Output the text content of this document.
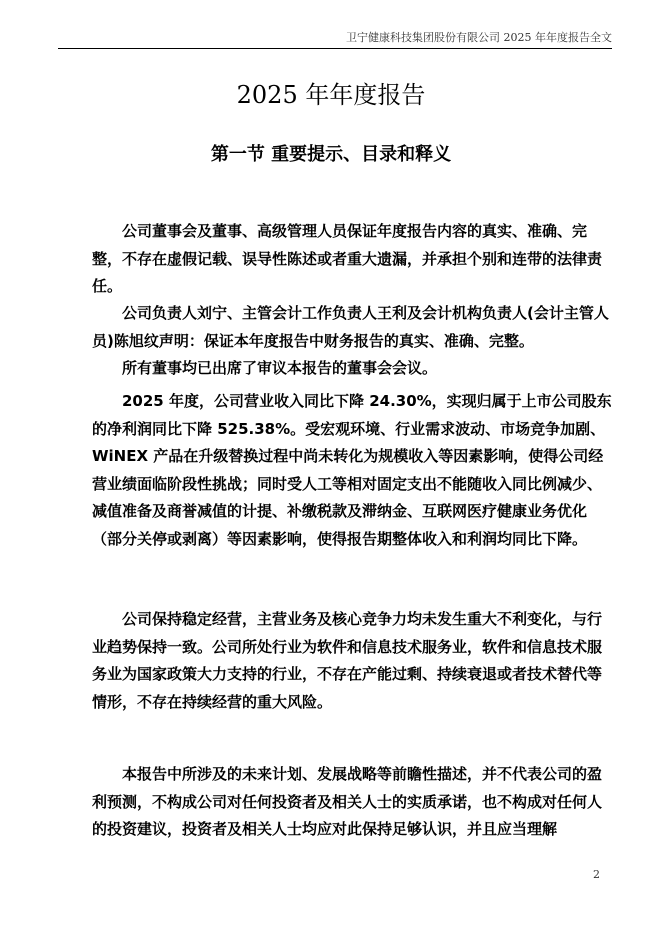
卫宁健康科技集团股份有限公司 2025 年年度报告全文
2025 年年度报告
第一节 重要提示、目录和释义

公司董事会及董事、高级管理人员保证年度报告内容的真实、准确、完整，不存在虚假记载、误导性陈述或者重大遗漏，并承担个别和连带的法律责任。

公司负责人刘宁、主管会计工作负责人王利及会计机构负责人(会计主管人员)陈旭纹声明：保证本年度报告中财务报告的真实、准确、完整。

所有董事均已出席了审议本报告的董事会会议。

2025 年度，公司营业收入同比下降 24.30%，实现归属于上市公司股东的净利润同比下降 525.38%。受宏观环境、行业需求波动、市场竞争加剧、WiNEX 产品在升级替换过程中尚未转化为规模收入等因素影响，使得公司经营业绩面临阶段性挑战；同时受人工等相对固定支出不能随收入同比例减少、减值准备及商誉减值的计提、补缴税款及滞纳金、互联网医疗健康业务优化（部分关停或剥离）等因素影响，使得报告期整体收入和利润均同比下降。

公司保持稳定经营，主营业务及核心竞争力均未发生重大不利变化，与行业趋势保持一致。公司所处行业为软件和信息技术服务业，软件和信息技术服务业为国家政策大力支持的行业，不存在产能过剩、持续衰退或者技术替代等情形，不存在持续经营的重大风险。

本报告中所涉及的未来计划、发展战略等前瞻性描述，并不代表公司的盈利预测，不构成公司对任何投资者及相关人士的实质承诺，也不构成对任何人的投资建议，投资者及相关人士均应对此保持足够认识，并且应当理解

2
